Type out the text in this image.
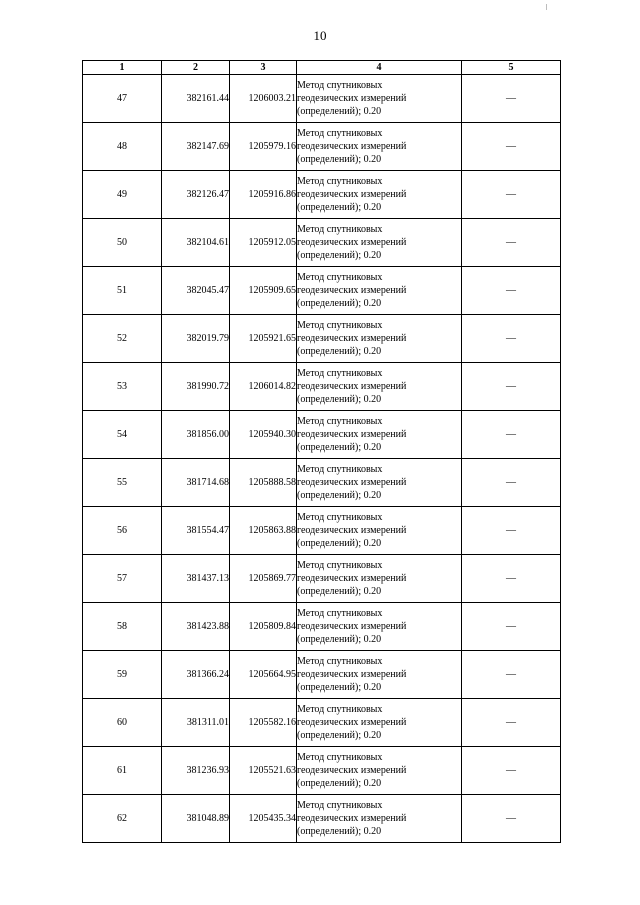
10
1	2	3	4	5
47	382161.44	1206003.21	Метод спутниковых
геодезических измерений
(определений); 0.20	—
48	382147.69	1205979.16	Метод спутниковых
геодезических измерений
(определений); 0.20	—
49	382126.47	1205916.86	Метод спутниковых
геодезических измерений
(определений); 0.20	—
50	382104.61	1205912.05	Метод спутниковых
геодезических измерений
(определений); 0.20	—
51	382045.47	1205909.65	Метод спутниковых
геодезических измерений
(определений); 0.20	—
52	382019.79	1205921.65	Метод спутниковых
геодезических измерений
(определений); 0.20	—
53	381990.72	1206014.82	Метод спутниковых
геодезических измерений
(определений); 0.20	—
54	381856.00	1205940.30	Метод спутниковых
геодезических измерений
(определений); 0.20	—
55	381714.68	1205888.58	Метод спутниковых
геодезических измерений
(определений); 0.20	—
56	381554.47	1205863.88	Метод спутниковых
геодезических измерений
(определений); 0.20	—
57	381437.13	1205869.77	Метод спутниковых
геодезических измерений
(определений); 0.20	—
58	381423.88	1205809.84	Метод спутниковых
геодезических измерений
(определений); 0.20	—
59	381366.24	1205664.95	Метод спутниковых
геодезических измерений
(определений); 0.20	—
60	381311.01	1205582.16	Метод спутниковых
геодезических измерений
(определений); 0.20	—
61	381236.93	1205521.63	Метод спутниковых
геодезических измерений
(определений); 0.20	—
62	381048.89	1205435.34	Метод спутниковых
геодезических измерений
(определений); 0.20	—
